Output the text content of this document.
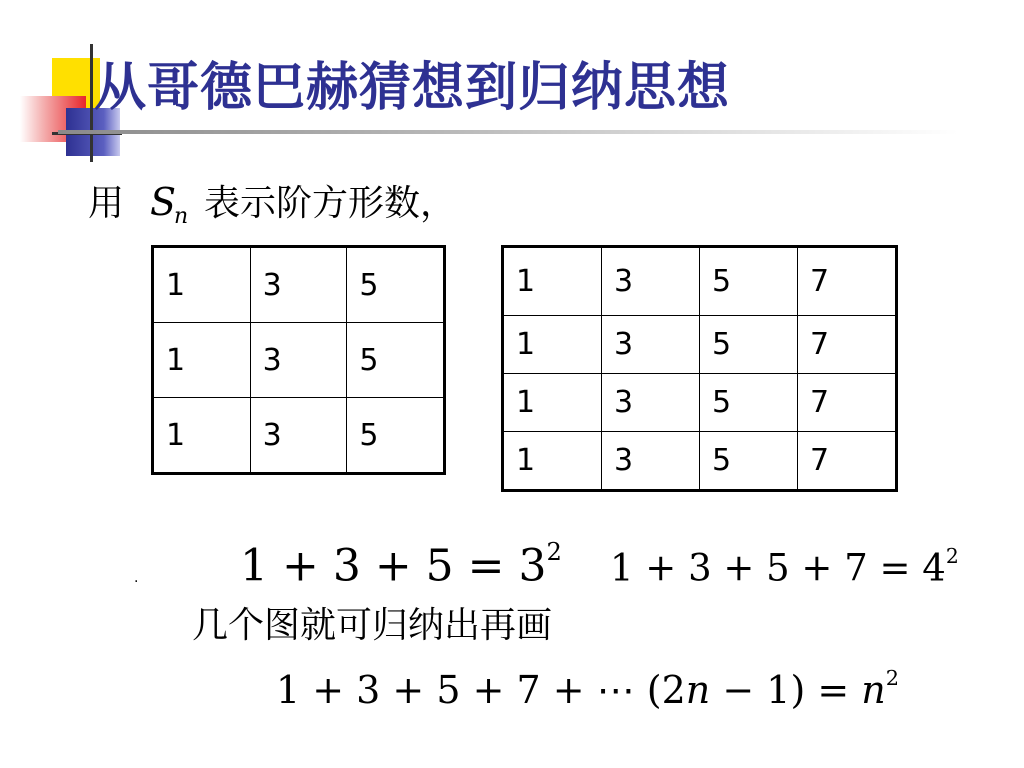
从哥德巴赫猜想到归纳思想
用 S
n 表示阶方形数，
1	3	5
1	3	5
1	3	5
1	3	5	7
1	3	5	7
1	3	5	7
1	3	5	7
. $1 + 3 + 5 = 3^2$ $1 + 3 + 5 + 7 = 4^2$
几个图就可归纳出再画
1 + 3 + 5 + 7 + ⋯ $(2n - 1) = n^2$
